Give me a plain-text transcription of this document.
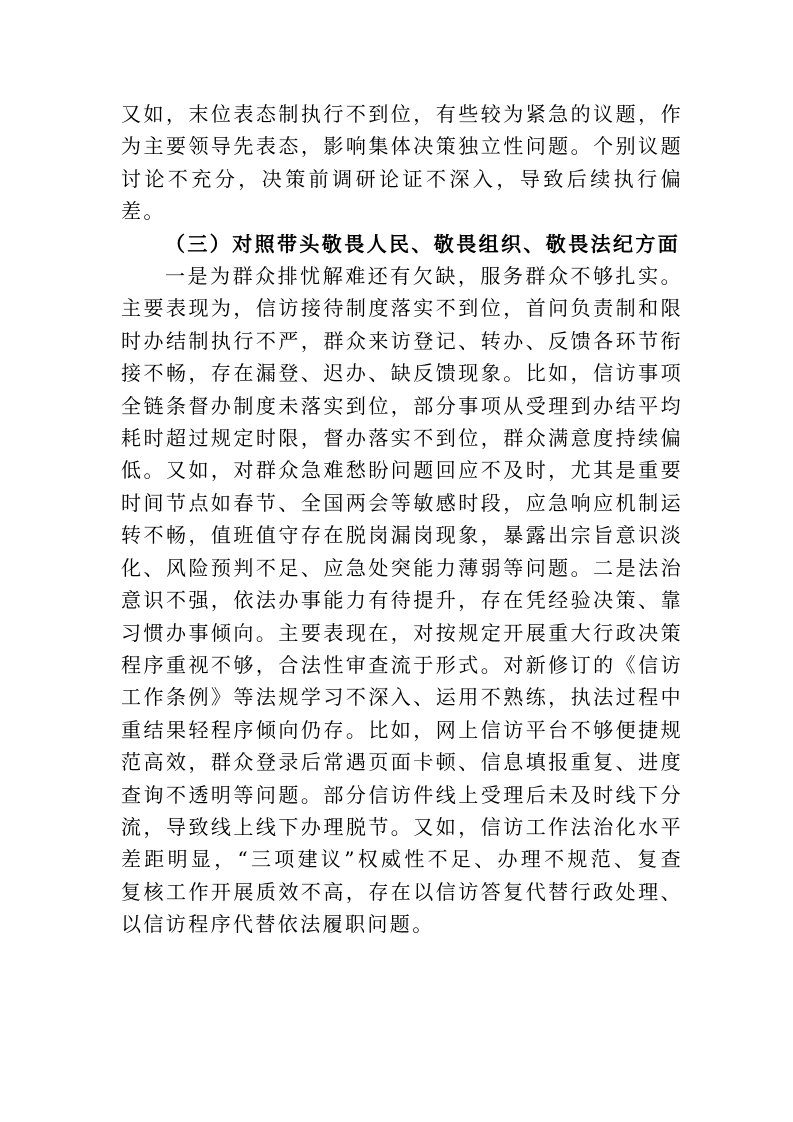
又如，末位表态制执行不到位，有些较为紧急的议题，作为主要领导先表态，影响集体决策独立性问题。个别议题讨论不充分，决策前调研论证不深入，导致后续执行偏差。

（三）对照带头敬畏人民、敬畏组织、敬畏法纪方面

一是为群众排忧解难还有欠缺，服务群众不够扎实。主要表现为，信访接待制度落实不到位，首问负责制和限时办结制执行不严，群众来访登记、转办、反馈各环节衔接不畅，存在漏登、迟办、缺反馈现象。比如，信访事项全链条督办制度未落实到位，部分事项从受理到办结平均耗时超过规定时限，督办落实不到位，群众满意度持续偏低。又如，对群众急难愁盼问题回应不及时，尤其是重要时间节点如春节、全国两会等敏感时段，应急响应机制运转不畅，值班值守存在脱岗漏岗现象，暴露出宗旨意识淡化、风险预判不足、应急处突能力薄弱等问题。二是法治意识不强，依法办事能力有待提升，存在凭经验决策、靠习惯办事倾向。主要表现在，对按规定开展重大行政决策程序重视不够，合法性审查流于形式。对新修订的《信访工作条例》等法规学习不深入、运用不熟练，执法过程中重结果轻程序倾向仍存。比如，网上信访平台不够便捷规范高效，群众登录后常遇页面卡顿、信息填报重复、进度查询不透明等问题。部分信访件线上受理后未及时线下分流，导致线上线下办理脱节。又如，信访工作法治化水平差距明显，“三项建议”权威性不足、办理不规范、复查复核工作开展质效不高，存在以信访答复代替行政处理、以信访程序代替依法履职问题。
